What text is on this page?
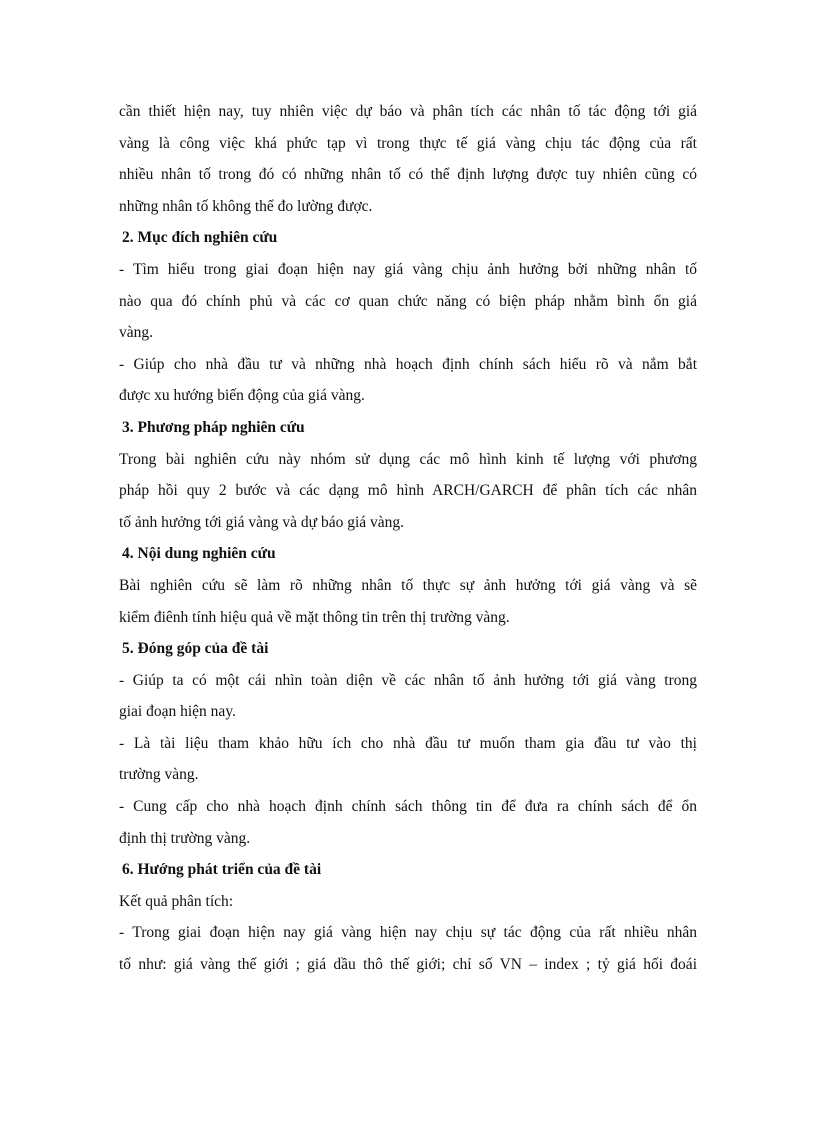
cần thiết hiện nay, tuy nhiên việc dự báo và phân tích các nhân tố tác động tới giá
vàng là công việc khá phức tạp vì trong thực tế giá vàng chịu tác động của rất
nhiều nhân tố trong đó có những nhân tố có thể định lượng được tuy nhiên cũng có
những nhân tố không thể đo lường được.
2. Mục đích nghiên cứu
- Tìm hiểu trong giai đoạn hiện nay giá vàng chịu ảnh hưởng bởi những nhân tố
nào qua đó chính phủ và các cơ quan chức năng có biện pháp nhằm bình ổn giá
vàng.
- Giúp cho nhà đầu tư và những nhà hoạch định chính sách hiểu rõ và nắm bắt
được xu hướng biến động của giá vàng.
3. Phương pháp nghiên cứu
Trong bài nghiên cứu này nhóm sử dụng các mô hình kinh tế lượng với phương
pháp hồi quy 2 bước và các dạng mô hình ARCH/GARCH để phân tích các nhân
tố ảnh hưởng tới giá vàng và dự báo giá vàng.
4. Nội dung nghiên cứu
Bài nghiên cứu sẽ làm rõ những nhân tố thực sự ảnh hưởng tới giá vàng và sẽ
kiểm điênh tính hiệu quả về mặt thông tin trên thị trường vàng.
5. Đóng góp của đề tài
- Giúp ta có một cái nhìn toàn diện về các nhân tố ảnh hưởng tới giá vàng trong
giai đoạn hiện nay.
- Là tài liệu tham khảo hữu ích cho nhà đầu tư muốn tham gia đầu tư vào thị
trường vàng.
- Cung cấp cho nhà hoạch định chính sách thông tin để đưa ra chính sách để ổn
định thị trường vàng.
6. Hướng phát triển của đề tài
Kết quả phân tích:
- Trong giai đoạn hiện nay giá vàng hiện nay chịu sự tác động của rất nhiều nhân
tố như: giá vàng thế giới ; giá dầu thô thế giới; chỉ số VN – index ; tỷ giá hối đoái
